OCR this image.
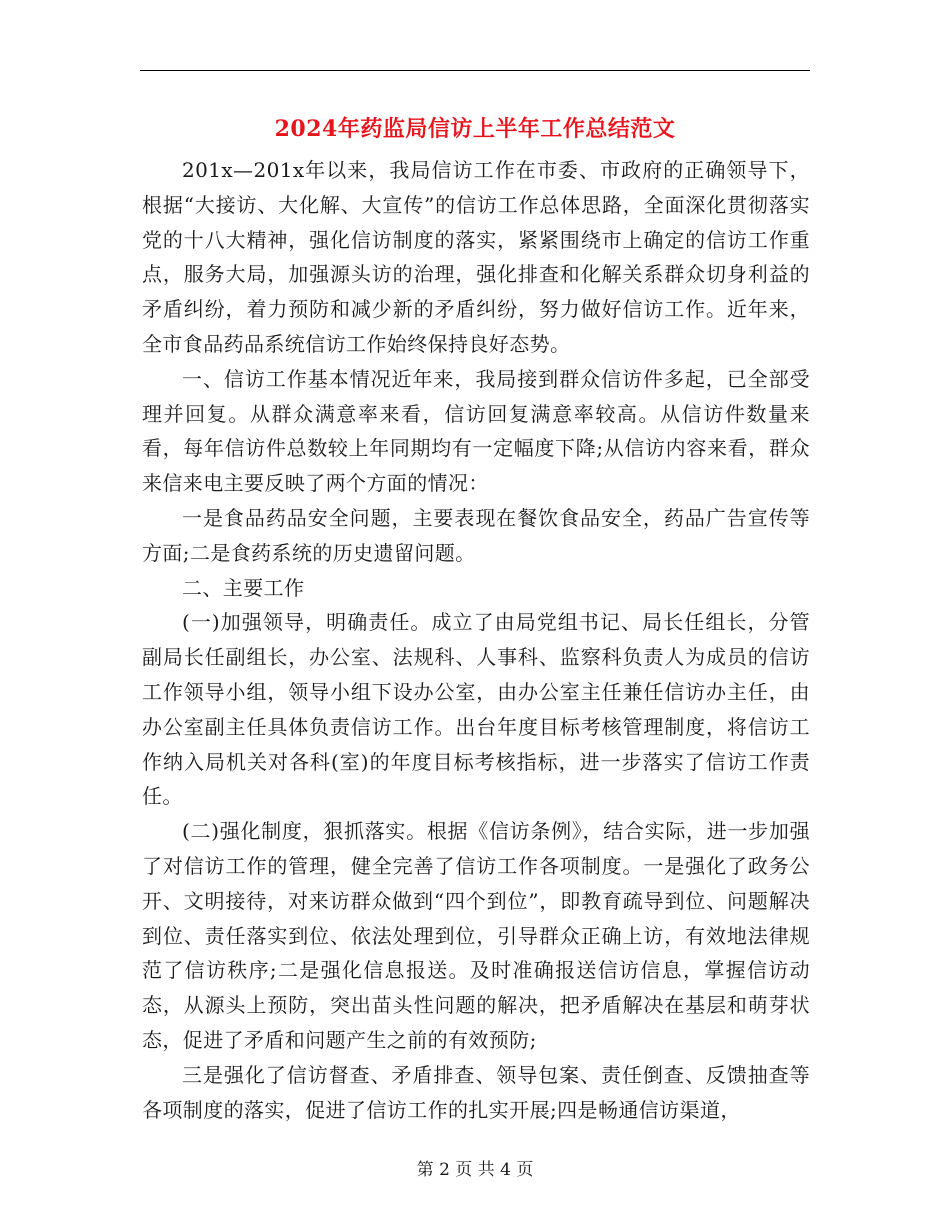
2024年药监局信访上半年工作总结范文

201x—201x年以来，我局信访工作在市委、市政府的正确领导下，根据“大接访、大化解、大宣传”的信访工作总体思路，全面深化贯彻落实党的十八大精神，强化信访制度的落实，紧紧围绕市上确定的信访工作重点，服务大局，加强源头访的治理，强化排查和化解关系群众切身利益的矛盾纠纷，着力预防和减少新的矛盾纠纷，努力做好信访工作。近年来，全市食品药品系统信访工作始终保持良好态势。

一、信访工作基本情况近年来，我局接到群众信访件多起，已全部受理并回复。从群众满意率来看，信访回复满意率较高。从信访件数量来看，每年信访件总数较上年同期均有一定幅度下降;从信访内容来看，群众来信来电主要反映了两个方面的情况：

一是食品药品安全问题，主要表现在餐饮食品安全，药品广告宣传等方面;二是食药系统的历史遗留问题。

二、主要工作

(一)加强领导，明确责任。成立了由局党组书记、局长任组长，分管副局长任副组长，办公室、法规科、人事科、监察科负责人为成员的信访工作领导小组，领导小组下设办公室，由办公室主任兼任信访办主任，由办公室副主任具体负责信访工作。出台年度目标考核管理制度，将信访工作纳入局机关对各科(室)的年度目标考核指标，进一步落实了信访工作责任。

(二)强化制度，狠抓落实。根据《信访条例》，结合实际，进一步加强了对信访工作的管理，健全完善了信访工作各项制度。一是强化了政务公开、文明接待，对来访群众做到“四个到位”，即教育疏导到位、问题解决到位、责任落实到位、依法处理到位，引导群众正确上访，有效地法律规范了信访秩序;二是强化信息报送。及时准确报送信访信息，掌握信访动态，从源头上预防，突出苗头性问题的解决，把矛盾解决在基层和萌芽状态，促进了矛盾和问题产生之前的有效预防;

三是强化了信访督查、矛盾排查、领导包案、责任倒查、反馈抽查等各项制度的落实，促进了信访工作的扎实开展;四是畅通信访渠道，

第 2 页 共 4 页
